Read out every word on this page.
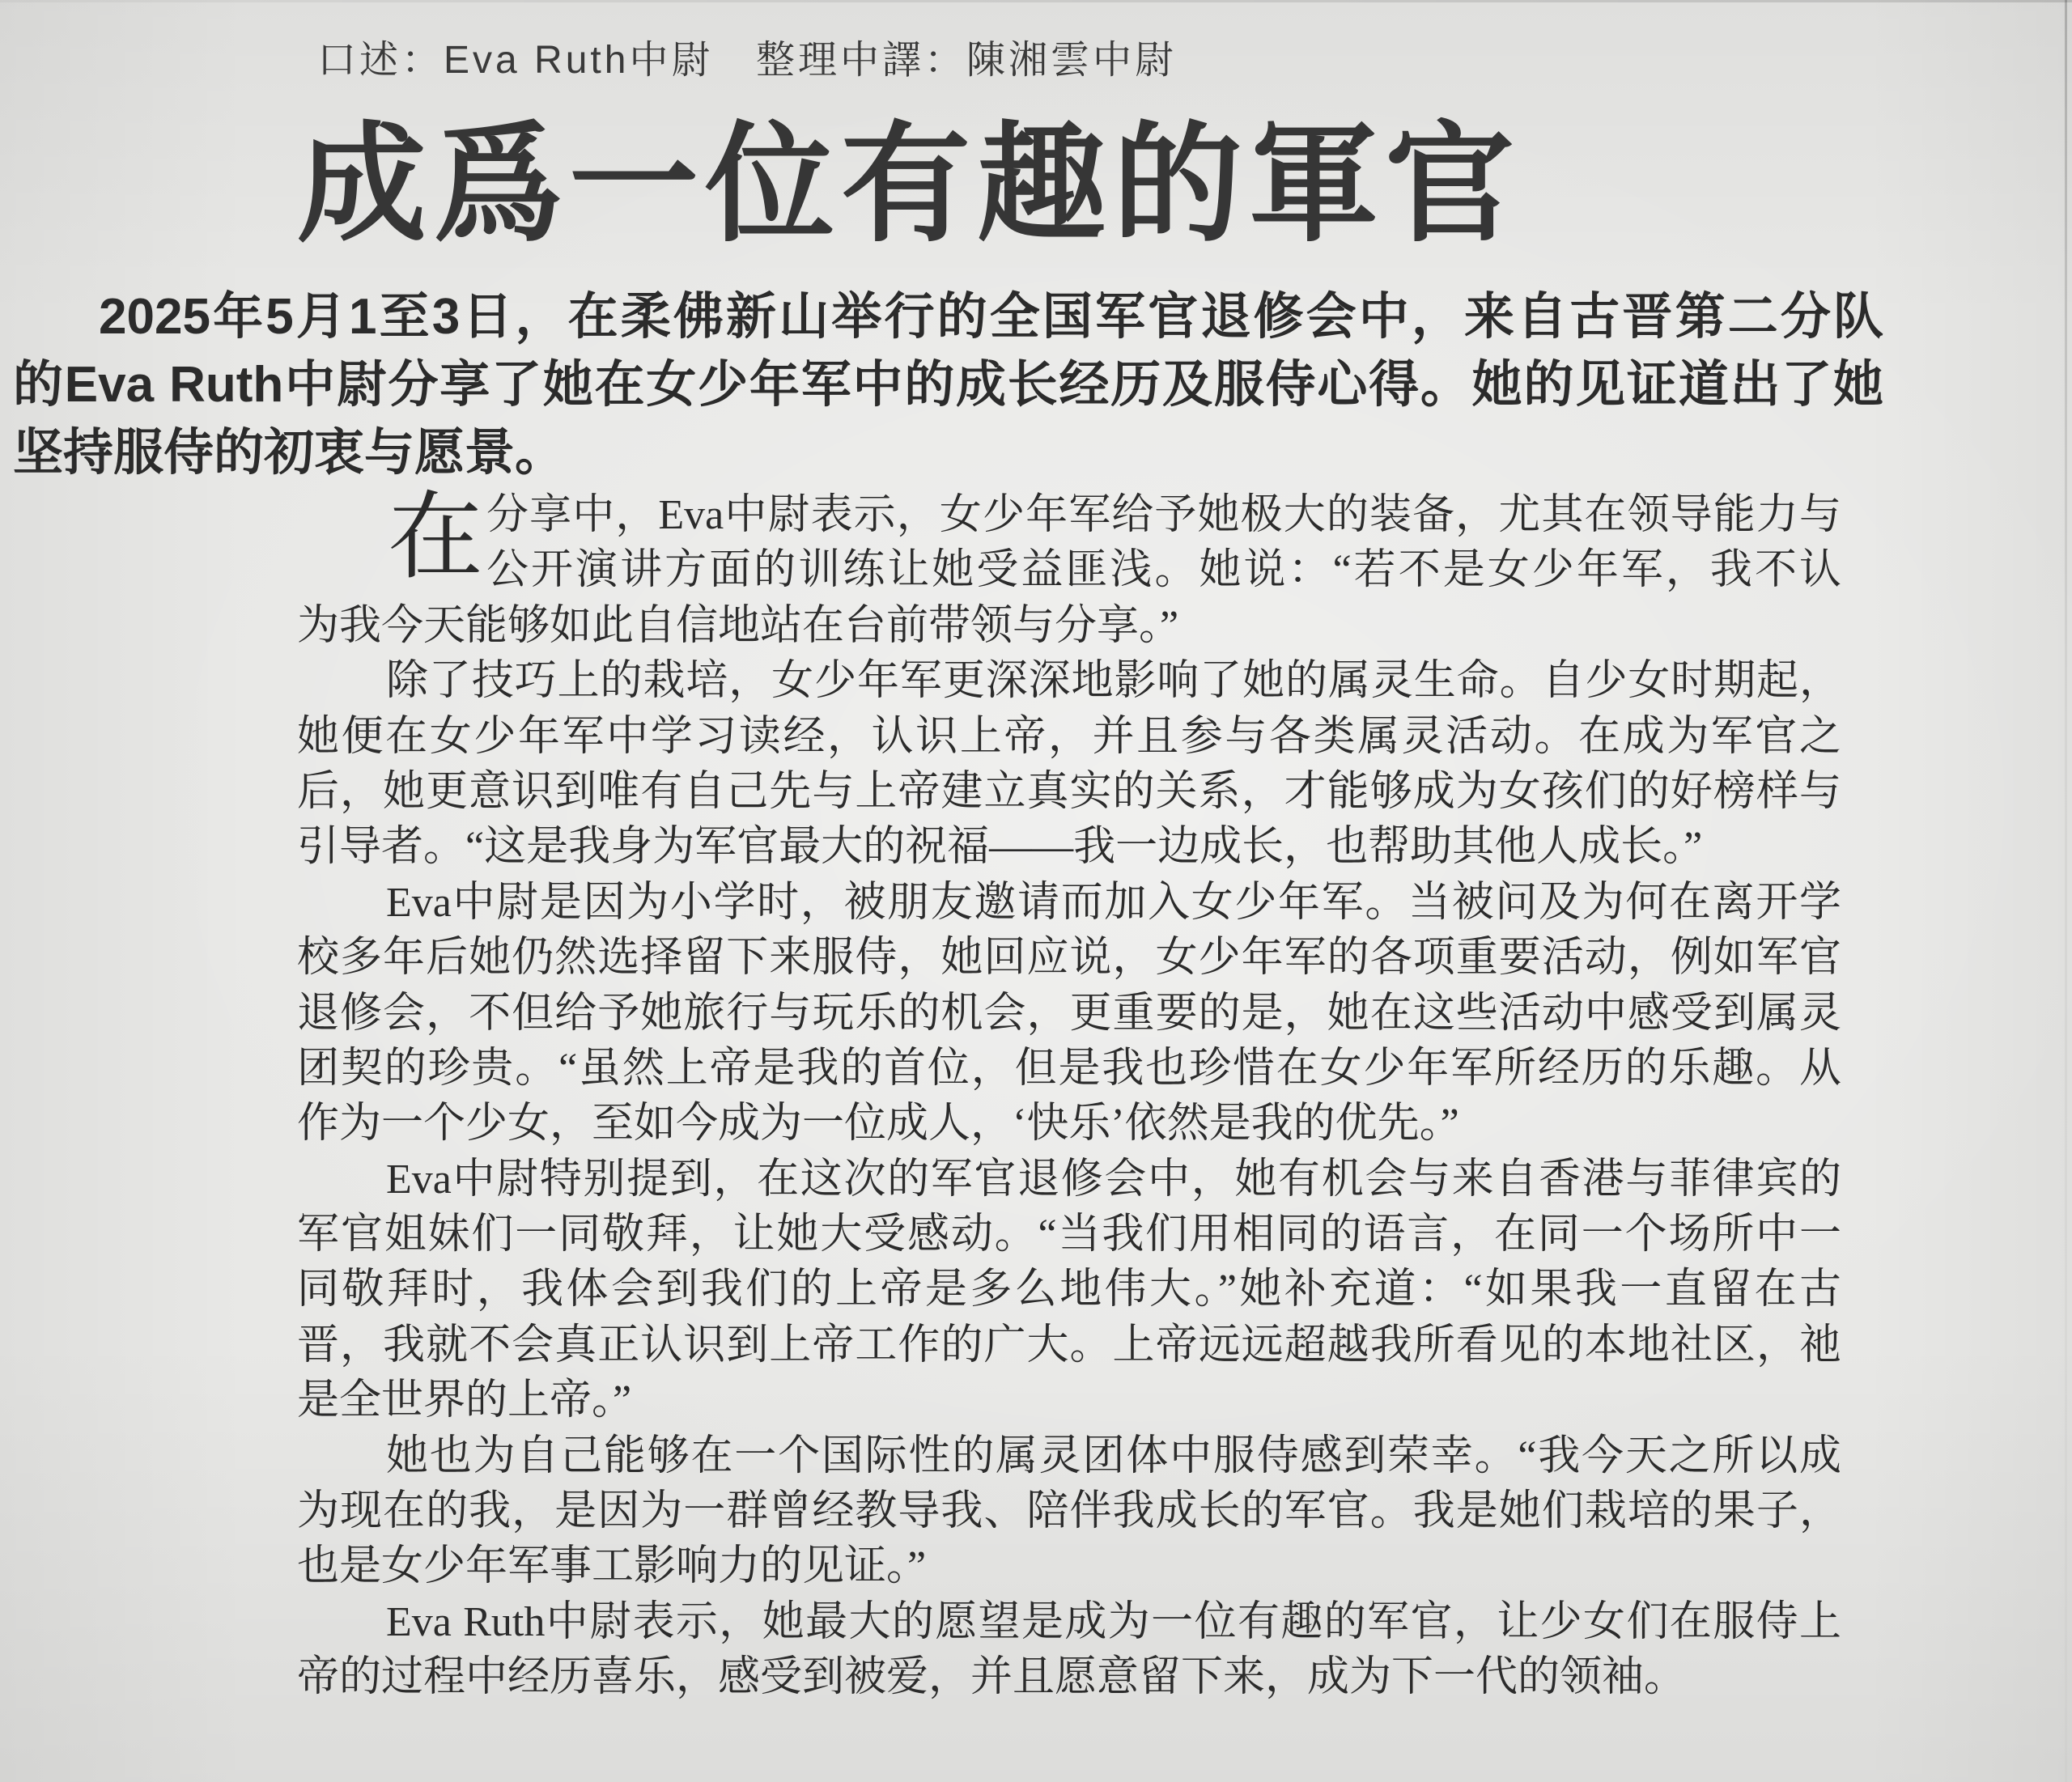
口述：Eva Ruth中尉 整理中譯：陳湘雲中尉
成爲一位有趣的軍官
2025年5月1至3日，在柔佛新山举行的全国军官退修会中，来自古晋第二分队
的Eva Ruth中尉分享了她在女少年军中的成长经历及服侍心得。她的见证道出了她
坚持服侍的初衷与愿景。
在 分享中，Eva中尉表示，女少年军给予她极大的装备，尤其在领导能力与
公开演讲方面的训练让她受益匪浅。她说：“若不是女少年军，我不认
为我今天能够如此自信地站在台前带领与分享。”
除了技巧上的栽培，女少年军更深深地影响了她的属灵生命。自少女时期起，
她便在女少年军中学习读经，认识上帝，并且参与各类属灵活动。在成为军官之
后，她更意识到唯有自己先与上帝建立真实的关系，才能够成为女孩们的好榜样与
引导者。“这是我身为军官最大的祝福——我一边成长，也帮助其他人成长。”
Eva中尉是因为小学时，被朋友邀请而加入女少年军。当被问及为何在离开学
校多年后她仍然选择留下来服侍，她回应说，女少年军的各项重要活动，例如军官
退修会，不但给予她旅行与玩乐的机会，更重要的是，她在这些活动中感受到属灵
团契的珍贵。“虽然上帝是我的首位，但是我也珍惜在女少年军所经历的乐趣。从
作为一个少女，至如今成为一位成人，‘快乐’依然是我的优先。”
Eva中尉特别提到，在这次的军官退修会中，她有机会与来自香港与菲律宾的
军官姐妹们一同敬拜，让她大受感动。“当我们用相同的语言，在同一个场所中一
同敬拜时，我体会到我们的上帝是多么地伟大。”她补充道：“如果我一直留在古
晋，我就不会真正认识到上帝工作的广大。上帝远远超越我所看见的本地社区，祂
是全世界的上帝。”
她也为自己能够在一个国际性的属灵团体中服侍感到荣幸。“我今天之所以成
为现在的我，是因为一群曾经教导我、陪伴我成长的军官。我是她们栽培的果子，
也是女少年军事工影响力的见证。”
Eva Ruth中尉表示，她最大的愿望是成为一位有趣的军官，让少女们在服侍上
帝的过程中经历喜乐，感受到被爱，并且愿意留下来，成为下一代的领袖。
